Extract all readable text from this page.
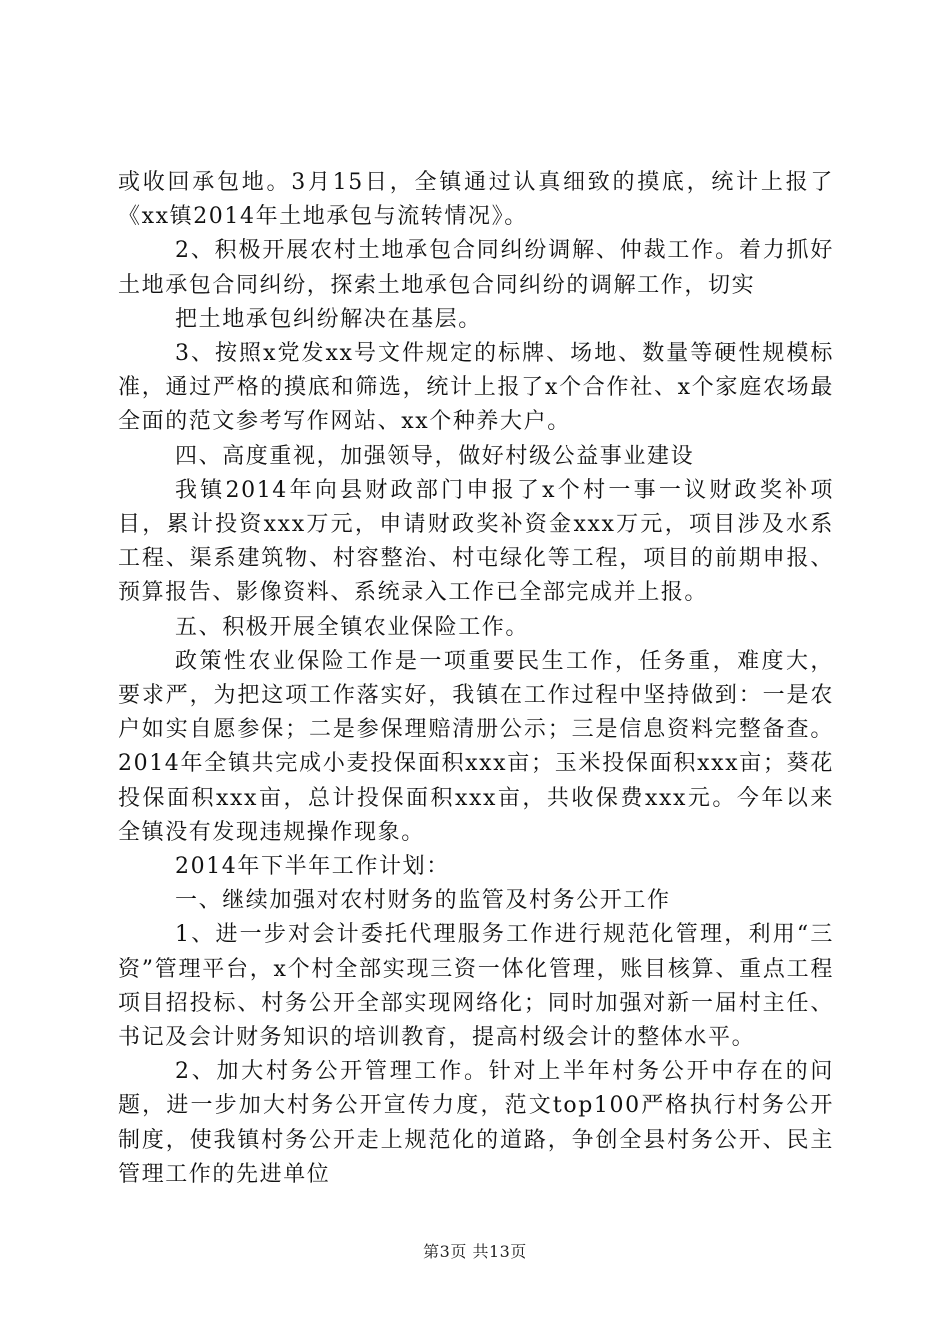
或收回承包地。3月15日，全镇通过认真细致的摸底，统计上报了《xx镇2014年土地承包与流转情况》。

2、积极开展农村土地承包合同纠纷调解、仲裁工作。着力抓好土地承包合同纠纷，探索土地承包合同纠纷的调解工作，切实

把土地承包纠纷解决在基层。

3、按照x党发xx号文件规定的标牌、场地、数量等硬性规模标准，通过严格的摸底和筛选，统计上报了x个合作社、x个家庭农场最全面的范文参考写作网站、xx个种养大户。

四、高度重视，加强领导，做好村级公益事业建设

我镇2014年向县财政部门申报了x个村一事一议财政奖补项目，累计投资xxx万元，申请财政奖补资金xxx万元，项目涉及水系工程、渠系建筑物、村容整治、村屯绿化等工程，项目的前期申报、预算报告、影像资料、系统录入工作已全部完成并上报。

五、积极开展全镇农业保险工作。

政策性农业保险工作是一项重要民生工作，任务重，难度大，要求严，为把这项工作落实好，我镇在工作过程中坚持做到：一是农户如实自愿参保；二是参保理赔清册公示；三是信息资料完整备查。2014年全镇共完成小麦投保面积xxx亩；玉米投保面积xxx亩；葵花投保面积xxx亩，总计投保面积xxx亩，共收保费xxx元。今年以来全镇没有发现违规操作现象。

2014年下半年工作计划：

一、继续加强对农村财务的监管及村务公开工作

1、进一步对会计委托代理服务工作进行规范化管理，利用“三资”管理平台，x个村全部实现三资一体化管理，账目核算、重点工程项目招投标、村务公开全部实现网络化；同时加强对新一届村主任、书记及会计财务知识的培训教育，提高村级会计的整体水平。

2、加大村务公开管理工作。针对上半年村务公开中存在的问题，进一步加大村务公开宣传力度，范文top100严格执行村务公开制度，使我镇村务公开走上规范化的道路，争创全县村务公开、民主管理工作的先进单位

第3页 共13页
